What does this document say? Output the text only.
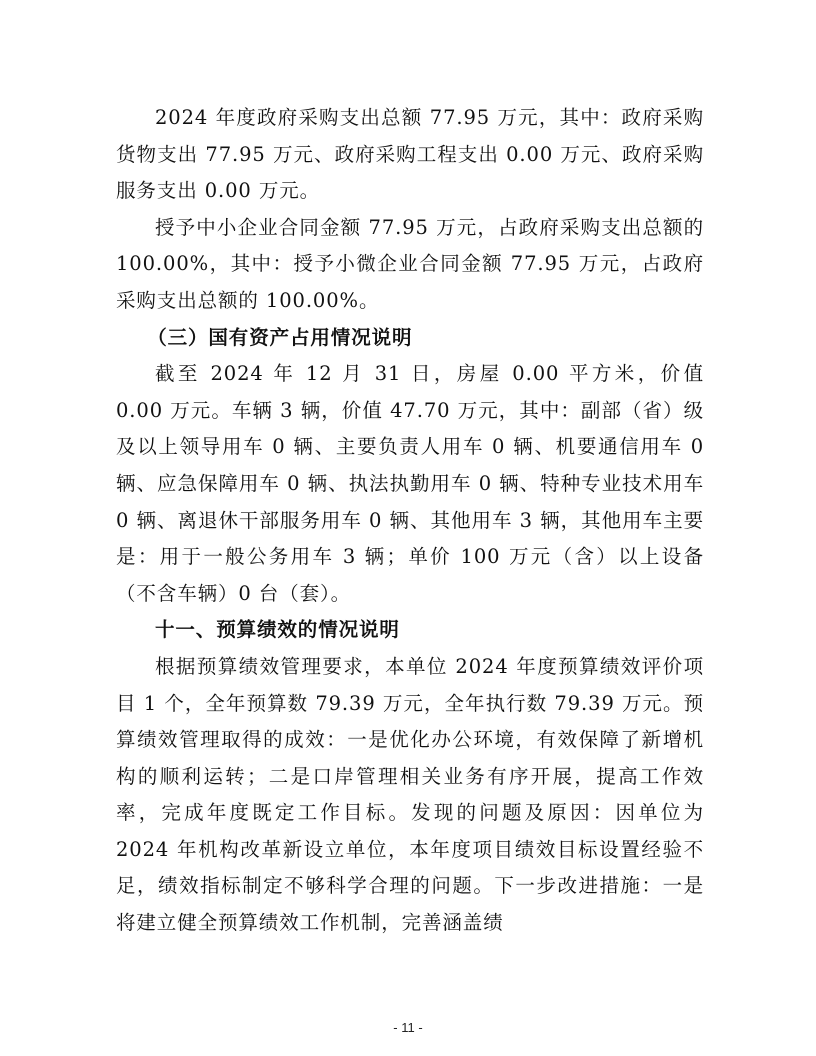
2024 年度政府采购支出总额 77.95 万元，其中：政府采购货物支出 77.95 万元、政府采购工程支出 0.00 万元、政府采购服务支出 0.00 万元。

授予中小企业合同金额 77.95 万元，占政府采购支出总额的 100.00%，其中：授予小微企业合同金额 77.95 万元，占政府采购支出总额的 100.00%。

（三）国有资产占用情况说明

截至 2024 年 12 月 31 日，房屋 0.00 平方米，价值 0.00 万元。车辆 3 辆，价值 47.70 万元，其中：副部（省）级及以上领导用车 0 辆、主要负责人用车 0 辆、机要通信用车 0 辆、应急保障用车 0 辆、执法执勤用车 0 辆、特种专业技术用车 0 辆、离退休干部服务用车 0 辆、其他用车 3 辆，其他用车主要是：用于一般公务用车 3 辆；单价 100 万元（含）以上设备（不含车辆）0 台（套）。

十一、预算绩效的情况说明

根据预算绩效管理要求，本单位 2024 年度预算绩效评价项目 1 个，全年预算数 79.39 万元，全年执行数 79.39 万元。预算绩效管理取得的成效：一是优化办公环境，有效保障了新增机构的顺利运转；二是口岸管理相关业务有序开展，提高工作效率，完成年度既定工作目标。发现的问题及原因：因单位为 2024 年机构改革新设立单位，本年度项目绩效目标设置经验不足，绩效指标制定不够科学合理的问题。下一步改进措施：一是将建立健全预算绩效工作机制，完善涵盖绩

- 11 -
